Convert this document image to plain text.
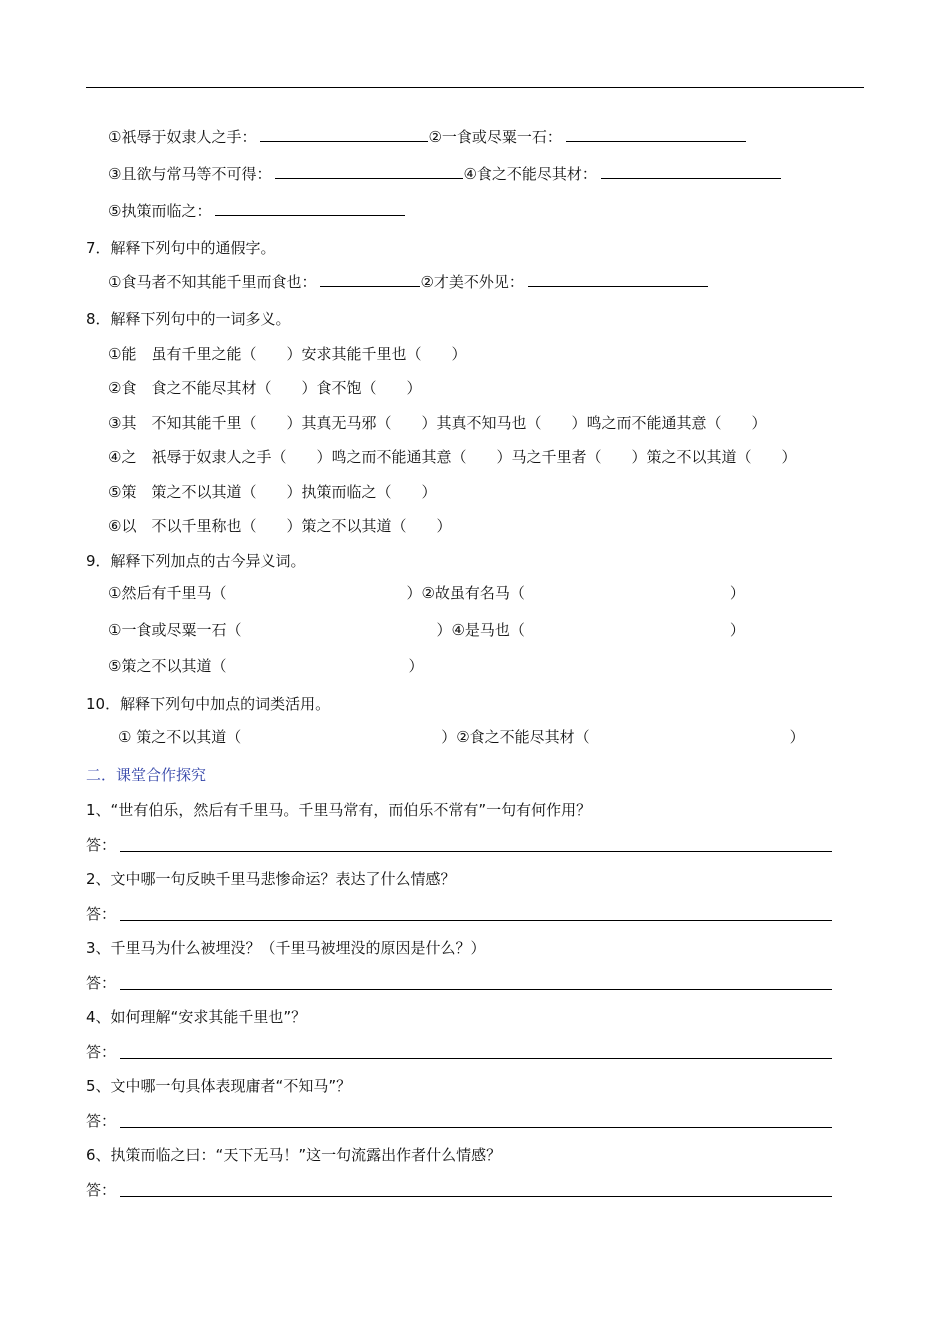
①祇辱于奴隶人之手：	②一食或尽粟一石：
③且欲与常马等不可得：	④食之不能尽其材：
⑤执策而临之：
7．解释下列句中的通假字。
①食马者不知其能千里而食也：	②才美不外见：
8．解释下列句中的一词多义。
①能　虽有千里之能（　　）安求其能千里也（　　）
②食　食之不能尽其材（　　）食不饱（　　）
③其　不知其能千里（　　）其真无马邪（　　）其真不知马也（　　）鸣之而不能通其意（　　）
④之　祇辱于奴隶人之手（　　）鸣之而不能通其意（　　）马之千里者（　　）策之不以其道（　　）
⑤策　策之不以其道（　　）执策而临之（　　）
⑥以　不以千里称也（　　）策之不以其道（　　）
9．解释下列加点的古今异义词。
①然后有千里马（	）②故虽有名马（	）
①一食或尽粟一石（	）④是马也（	）
⑤策之不以其道（	）
10．解释下列句中加点的词类活用。
① 策之不以其道（	）②食之不能尽其材（	）
二．课堂合作探究
1、“世有伯乐，然后有千里马。千里马常有，而伯乐不常有”一句有何作用？
答：
2、文中哪一句反映千里马悲惨命运？表达了什么情感？
答：
3、千里马为什么被埋没？（千里马被埋没的原因是什么？）
答：
4、如何理解“安求其能千里也”？
答：
5、文中哪一句具体表现庸者“不知马”？
答：
6、执策而临之曰：“天下无马！”这一句流露出作者什么情感？
答：
